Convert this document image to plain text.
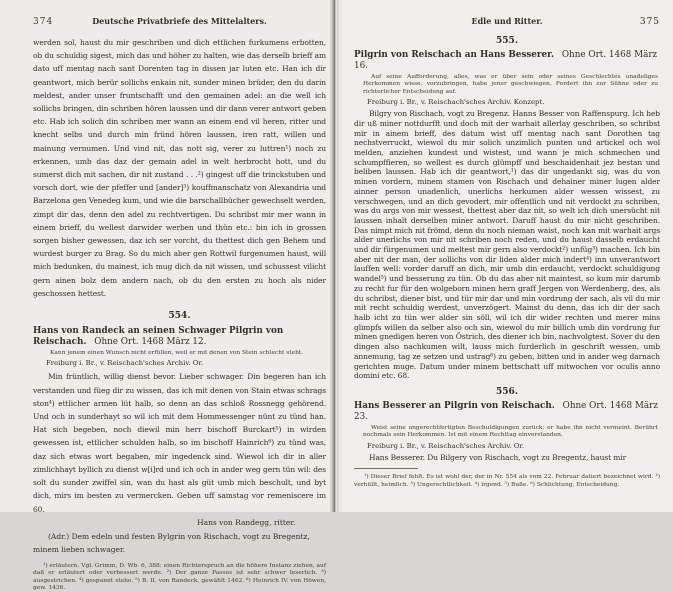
374	Deutsche Privatbriefe des Mittelalters.
werden sol, haust du mir geschriben und dich ettlichen furkumens erbotten, ob du schuldig sigest, mich das und höher zu halten, wie das derselb brieff am dato uff mentag nach sant Dorenten tag in dissen jar luten etc. Han ich dir geantwort, mich berür sollichs enkain nit, sunder minen brüder, den du darin meldest, ander unser fruntschafft und den gemainen adel: an die well ich sollichs bringen, din schriben hören laussen und dir dann verer antwort geben etc. Hab ich solich din schriben mer wann an einem end vil heren, ritter und knecht selbs und durch min fründ hören laussen, iren ratt, willen und mainung vernumen. Und vind nit, das nott sig, verer zu luttren¹) noch zu erkennen, umb das daz der gemain adel in welt herbrocht hott, und du sumerst dich mit sachen, dir nit zustand . . .²) gingest uff die trinckstuben und vorsch dort, wie der pfeffer und [ander]³) kouffmanschatz von Alexandria und Barzelona gen Venedeg kum, und wie die barschallbücher gewechselt werden, zimpt dir das, denn den adel zu rechtvertigen. Du schribst mir mer wann in einem brieff, du wellest darwider werben und thün etc.: bin ich in grossen sorgen bisher gewessen, daz ich ser vorcht, du thettest dich gen Behem und wurdest burger zu Brag. So du mich aber gen Rottwil furgenumen haust, will mich bedunken, du mainest, ich mug dich da nit wissen, und schussest vilicht gern ainen bolz dem andern nach, ob du den ersten zu hoch als nider geschossen hettest.
554.
Hans von Randeck an seinen Schwager Pilgrin von Reischach. Ohne Ort. 1468 März 12.
Kann jenem einen Wunsch nicht erfüllen, weil er mit denen von Stein schlecht steht.
Freiburg i. Br., v. Reischach'sches Archiv. Or.
Min früntlich, willig dienst bevor. Lieber schwager. Din begeren han ich verstanden und füeg dir zu wissen, das ich mit denen von Stain etwas schrags ston⁴) ettlicher armen lüt halb, so denn an das schloß Rossnegg gehörend. Und och in sunderhayt so wil ich mit dem Hommessenger nünt zu tünd han. Hat sich begeben, noch diewil min herr bischoff Burckart⁵) in wirden gewessen ist, ettlicher schulden halb, so im bischoff Hainrich⁶) zu tünd was, daz sich etwas wort begaben, mir ingedenck sind. Wiewol ich dir in aller zimlichhayt byllich zu dienst w[i]rd und ich och in ander weg gern tün wil: des solt du sunder zwiffel sin, wan du hast als güt umb mich beschult, und byt dich, mirs im besten zu vermercken. Geben uff samstag vor remeniscere im 60.
Hans von Randegg, ritter.
(Adr.) Dem edeln und festen Bylgrin von Rischach, vogt zu Bregentz, minem lieben schwager.
¹) erläutern. Vgl. Grimm, D. Wb. 6, 388: einen Richterspruch an die höhere Instanz ziehen, auf daß er erläutert oder verbessert werde. ²) Der ganze Passus ist sehr schwer leserlich. ³) ausgestrichen. ⁴) gespannt stehe. ⁵) B. II. von Randeck, gewählt 1462. ⁶) Heinrich IV. von Höwen, gew. 1436.
Edle und Ritter.	375
555.
Pilgrin von Reischach an Hans Besserer. Ohne Ort. 1468 März 16.
Auf seine Aufforderung, alles, was er über sein oder seines Geschlechtes unadeliges Herkommen wisse, vorzubringen, habe jener geschwiegen. Fordert ihn zur Sühne oder zu richterlicher Entscheidung auf.
Freiburg i. Br., v. Reischach'sches Archiv. Konzept.
Bilgry von Rischach, vogt zu Bregenz. Hanns Besser von Raffenspurg. Ich heb dir uß miner nottdurfft und doch mit der warhait allerlay geschriben, so schribst mir in ainem brieff, des datum wist uff mentag nach sant Dorothen tag nechstverruckt, wiewol du mir solich unzimlich punten und artickel och wol melden, anziehen kundest und wistest, und wann je mich schmechen und schumpffieren, so wellest es durch glümpff und beschaidenhait jez bestan und beliben laussen. Hab ich dir geantwort,¹) das dir ungedankt sig, was du von minen vordern, minem stamen von Rischach und dehainer miner lugen alder ainner person unadenlich, unerlichs herkumen alder wessen wissest, zu verschwegen, und an dich gevodert, mir offentlich und nit verdockt zu schriben, was du args von mir wessest, thettest aber daz nit, so welt ich dich unersücht nit laussen inhalt derselben miner antwort. Daruff haust du mir nicht geschriben. Das nimpt mich nit frömd, denn du noch nieman waist, noch kan mit warhait args alder unerlichs von mir nit schriben noch reden, und du haust dasselb erdaucht und dir fürgenumen und meltest mir gern also verdockt²) unfüg³) machen. Ich bin aber nit der man, der sollichs von dir liden alder mich indert⁴) inn unverantwort lauffen well: vorder daruff an dich, mir umb din erdaucht, verdockt schuldigung wandel⁵) und besserung zu tün. Ob du das aber nit maintest, so kum mir darumb zu recht fur für den wolgeborn minen hern graff Jergen von Werdenberg, des, als du schribst, diener bist, und tür mir dar und min vordrung der sach, als vil du mir mit recht schuldig werdest, unverzögert. Mainst du denn, das ich dir der sach halb icht zu tün wer alder sin söll, wil ich dir wider rechten und merer mins glimpfs willen da selber also och sin, wiewol du mir billich umb din vordrung fur minen gnedigen heren von Östrich, des diener ich bin, nachvolgtest. Sover du den dingen also nachkumen wilt, lauss mich furderlich in geschrift wessen, umb annemung, tag ze setzen und ustrag⁶) zu geben, bitten und in ander weg darnach gerichten muge. Datum under minem bettschatt uff mitwochen vor oculis anno domini etc. 68.
556.
Hans Besserer an Pilgrin von Reischach. Ohne Ort. 1468 März 23.
Weist seine ungerechtfertigten Beschuldigungen zurück: er habe ihn nicht vermeint. Berührt nochmals sein Herkommen. Ist mit einem Rechttag einverstanden.
Freiburg i. Br., v. Reischach'sches Archiv. Or.
Hans Besserer. Du Bilgery von Rischach, vogt zu Bregentz, haust mir
¹) Dieser Brief fehlt. Es ist wohl der, der in Nr. 554 als vom 22. Februar datiert bezeichnet wird. ²) verhüllt, heimlich. ³) Ungerechtlichkeit. ⁴) irgend. ⁵) Buße. ⁶) Schlichtung, Entscheidung.
